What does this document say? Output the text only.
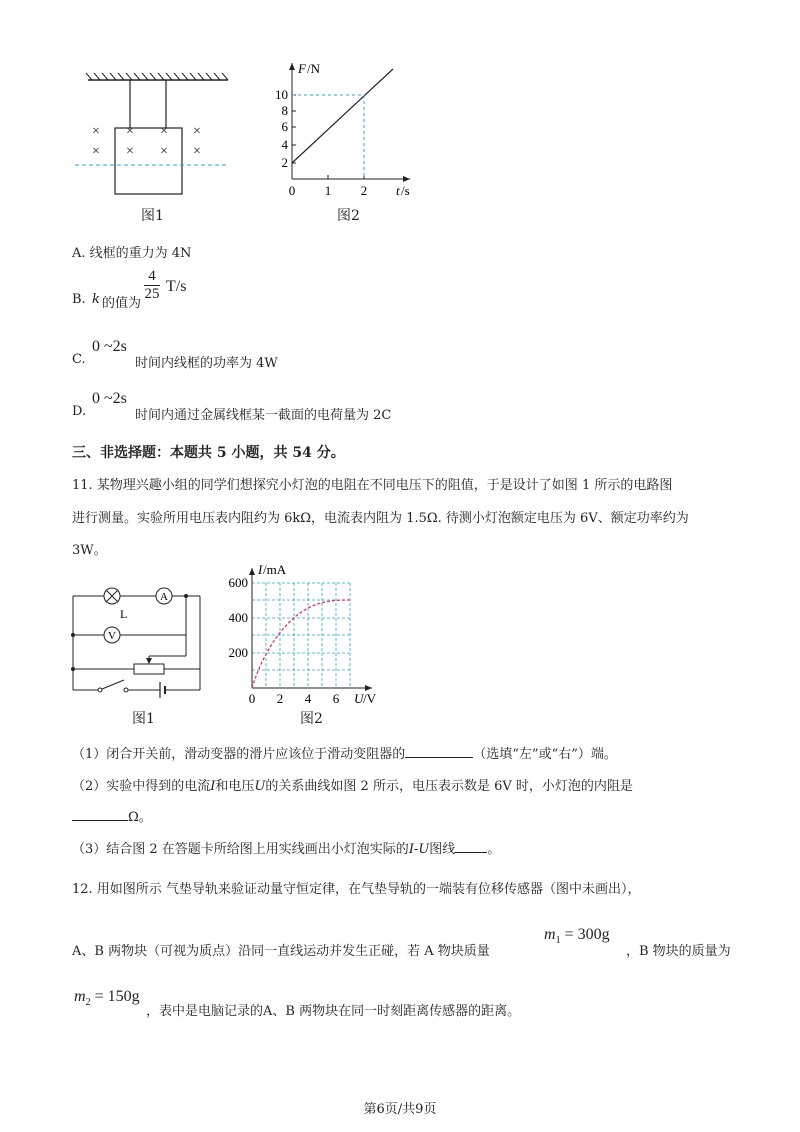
× × × ×
× × × ×
图1
F /N
2
4
6
8
10
0 1 2 t /s
图2
A. 线框的重力为 4N
B. k 的值为
4
25 T/s
C.
0 ~2s
时间内线框的功率为 4W
D.
0 ~2s
时间内通过金属线框某一截面的电荷量为 2C
三、非选择题：本题共 5 小题，共 54 分。
11. 某物理兴趣小组的同学们想探究小灯泡的电阻在不同电压下的阻值，于是设计了如图 1 所示的电路图
进行测量。实验所用电压表内阻约为 6kΩ，电流表内阻为 1.5Ω. 待测小灯泡额定电压为 6V、额定功率约为
3W。
A
L
V
图1
I /mA
200
400
600
0 2 4 6 U /V
图2
（1）闭合开关前，滑动变器的滑片应该位于滑动变阻器的	（选填“左”或“右”）端。
（2）实验中得到的电流I和电压U的关系曲线如图 2 所示，电压表示数是 6V 时，小灯泡的内阻是
Ω。
（3）结合图 2 在答题卡所给图上用实线画出小灯泡实际的I-U图线 。
12. 用如图所示 气垫导轨来验证动量守恒定律，在气垫导轨的一端装有位移传感器（图中未画出），
A、B 两物块（可视为质点）沿同一直线运动并发生正碰，若 A 物块质量
$m_1 = 300g$
，B 物块的质量为
$m_2 = 150g$
，表中是电脑记录的A、B 两物块在同一时刻距离传感器的距离。
第6页/共9页
